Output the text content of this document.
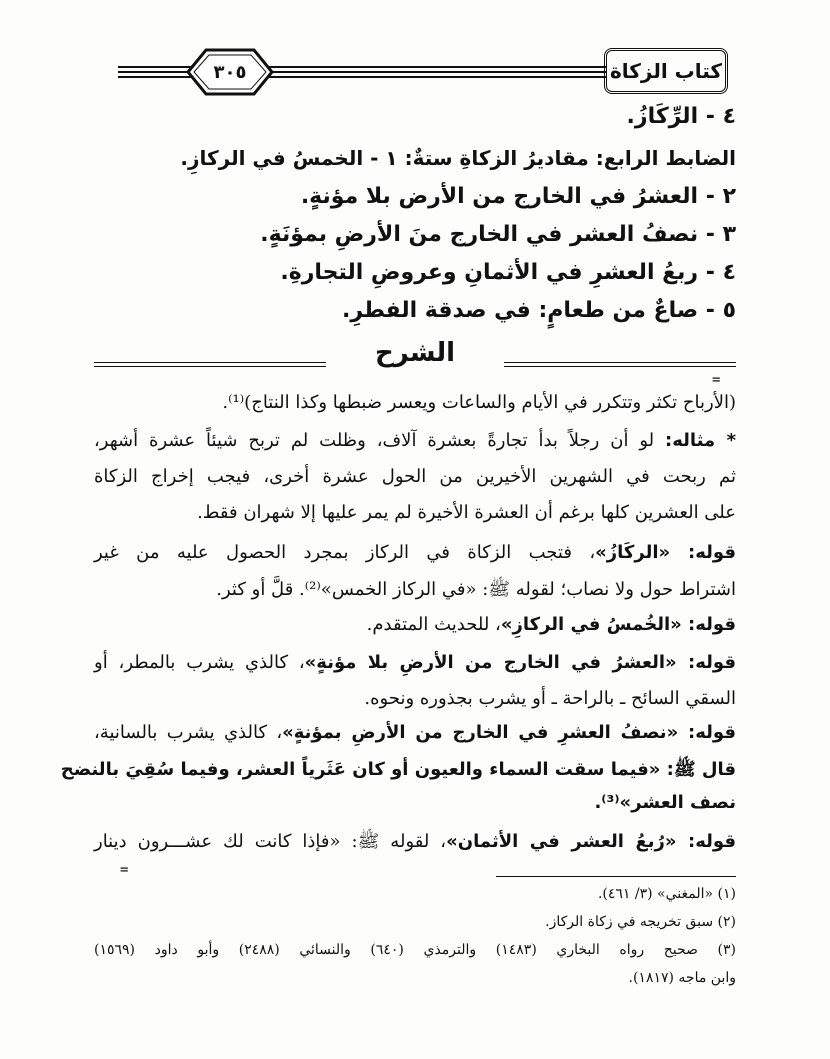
٣٠٥	كتاب الزكاة
٤ - الرِّكَازُ.
الضابط الرابع: مقاديرُ الزكاةِ ستةٌ: ١ - الخمسُ في الركازِ.
٢ - العشرُ في الخارج من الأرض بلا مؤنةٍ.
٣ - نصفُ العشر في الخارج منَ الأرضِ بمؤنَةٍ.
٤ - ربعُ العشرِ في الأثمانِ وعروضِ التجارةِ.
٥ - صاعٌ من طعامٍ: في صدقة الفطرِ.
الشرح
=
(الأرباح تكثر وتتكرر في الأيام والساعات ويعسر ضبطها وكذا النتاج)⁽¹⁾.
* مثاله: لو أن رجلاً بدأ تجارةً بعشرة آلاف، وظلت لم تربح شيئاً عشرة أشهر،
ثم ربحت في الشهرين الأخيرين من الحول عشرة أخرى، فيجب إخراج الزكاة
على العشرين كلها برغم أن العشرة الأخيرة لم يمر عليها إلا شهران فقط.
قوله: «الركَازُ»، فتجب الزكاة في الركاز بمجرد الحصول عليه من غير
اشتراط حول ولا نصاب؛ لقوله ﷺ: «في الركاز الخمس»⁽²⁾. قلَّ أو كثر.
قوله: «الخُمسُ في الركازِ»، للحديث المتقدم.
قوله: «العشرُ في الخارج من الأرضِ بلا مؤنةٍ»، كالذي يشرب بالمطر، أو
السقي السائح ـ بالراحة ـ أو يشرب بجذوره ونحوه.
قوله: «نصفُ العشرِ في الخارج من الأرضِ بمؤنةٍ»، كالذي يشرب بالسانية،
قال ﷺ: «فيما سقت السماء والعيون أو كان عَثَرياً العشر، وفيما سُقِيَ بالنضح
نصف العشر»⁽³⁾.
قوله: «رُبعُ العشر في الأثمان»، لقوله ﷺ: «فإذا كانت لك عشـــرون دينار
=
(١) «المغني» (٣/ ٤٦١).
(٢) سبق تخريجه في زكاة الركاز.
(٣) صحيح رواه البخاري (١٤٨٣) والترمذي (٦٤٠) والنسائي (٢٤٨٨) وأبو داود (١٥٦٩)
وابن ماجه (١٨١٧).
